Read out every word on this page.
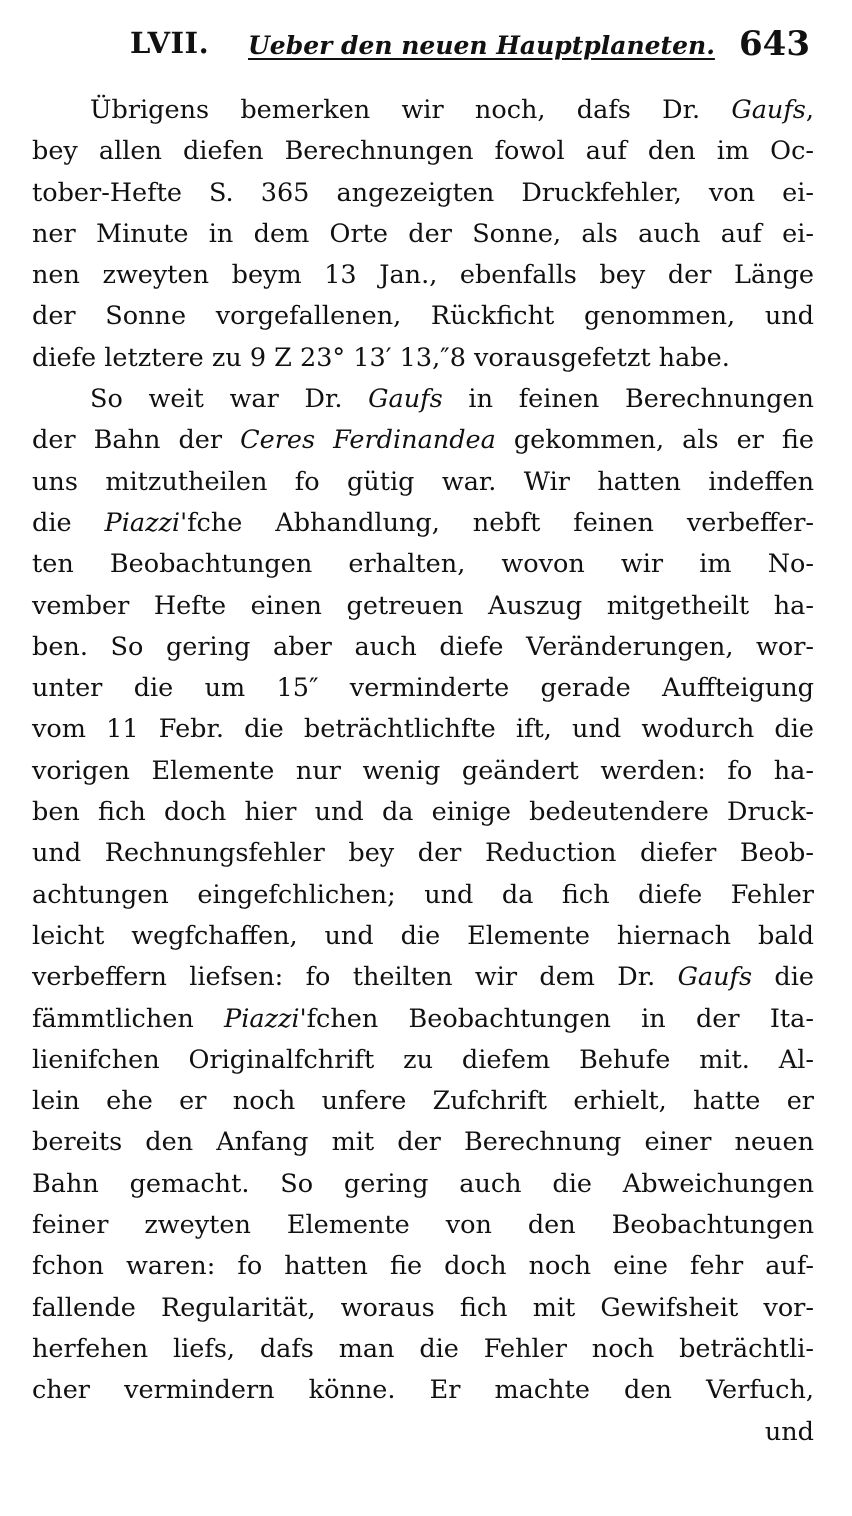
LVII. Ueber den neuen Hauptplaneten. 643
Übrigens bemerken wir noch, dafs Dr. Gaufs,
bey allen diefen Berechnungen fowol auf den im Oc-
tober-Hefte S. 365 angezeigten Druckfehler, von ei-
ner Minute in dem Orte der Sonne, als auch auf ei-
nen zweyten beym 13 Jan., ebenfalls bey der Länge
der Sonne vorgefallenen, Rückficht genommen, und
diefe letztere zu 9 Z 23° 13′ 13,″8 vorausgefetzt habe.
So weit war Dr. Gaufs in feinen Berechnungen
der Bahn der Ceres Ferdinandea gekommen, als er fie
uns mitzutheilen fo gütig war. Wir hatten indeffen
die Piazzi'fche Abhandlung, nebft feinen verbeffer-
ten Beobachtungen erhalten, wovon wir im No-
vember Hefte einen getreuen Auszug mitgetheilt ha-
ben. So gering aber auch diefe Veränderungen, wor-
unter die um 15″ verminderte gerade Auffteigung
vom 11 Febr. die beträchtlichfte ift, und wodurch die
vorigen Elemente nur wenig geändert werden: fo ha-
ben fich doch hier und da einige bedeutendere Druck-
und Rechnungsfehler bey der Reduction diefer Beob-
achtungen eingefchlichen; und da fich diefe Fehler
leicht wegfchaffen, und die Elemente hiernach bald
verbeffern liefsen: fo theilten wir dem Dr. Gaufs die
fämmtlichen Piazzi'fchen Beobachtungen in der Ita-
lienifchen Originalfchrift zu diefem Behufe mit. Al-
lein ehe er noch unfere Zufchrift erhielt, hatte er
bereits den Anfang mit der Berechnung einer neuen
Bahn gemacht. So gering auch die Abweichungen
feiner zweyten Elemente von den Beobachtungen
fchon waren: fo hatten fie doch noch eine fehr auf-
fallende Regularität, woraus fich mit Gewifsheit vor-
herfehen liefs, dafs man die Fehler noch beträchtli-
cher vermindern könne. Er machte den Verfuch,
und
